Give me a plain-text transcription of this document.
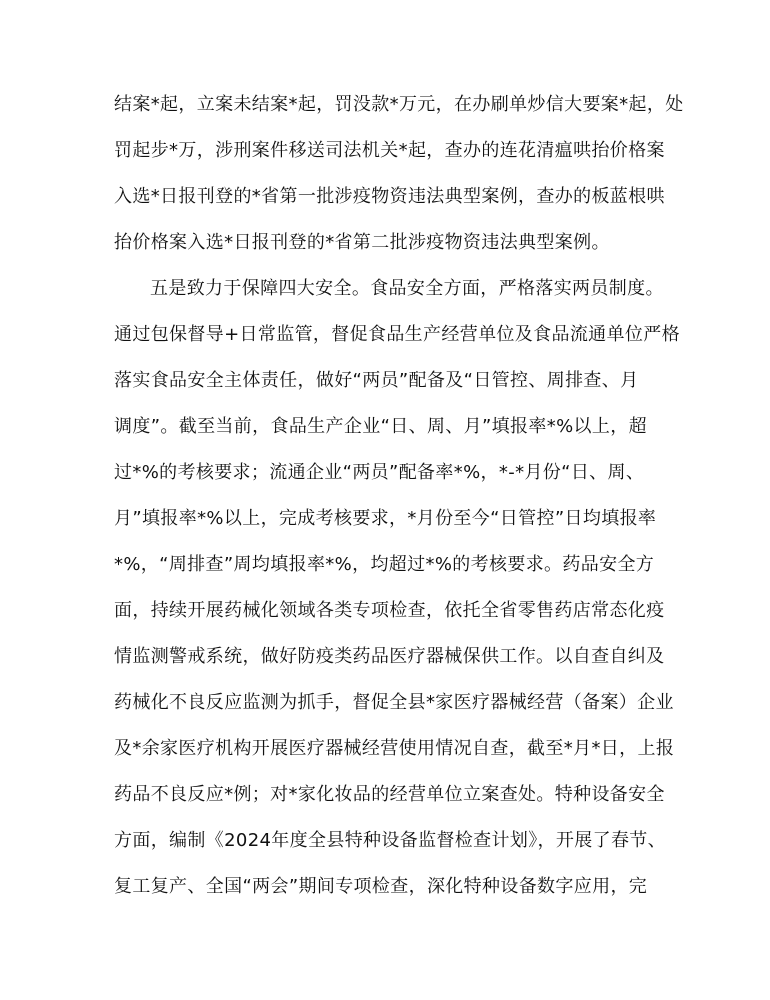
结案*起，立案未结案*起，罚没款*万元，在办刷单炒信大要案*起，处
罚起步*万，涉刑案件移送司法机关*起，查办的连花清瘟哄抬价格案
入选*日报刊登的*省第一批涉疫物资违法典型案例，查办的板蓝根哄
抬价格案入选*日报刊登的*省第二批涉疫物资违法典型案例。
五是致力于保障四大安全。食品安全方面，严格落实两员制度。
通过包保督导+日常监管，督促食品生产经营单位及食品流通单位严格
落实食品安全主体责任，做好“两员”配备及“日管控、周排查、月
调度”。截至当前，食品生产企业“日、周、月”填报率*%以上，超
过*%的考核要求；流通企业“两员”配备率*%，*-*月份“日、周、
月”填报率*%以上，完成考核要求，*月份至今“日管控”日均填报率
*%，“周排查”周均填报率*%，均超过*%的考核要求。药品安全方
面，持续开展药械化领域各类专项检查，依托全省零售药店常态化疫
情监测警戒系统，做好防疫类药品医疗器械保供工作。以自查自纠及
药械化不良反应监测为抓手，督促全县*家医疗器械经营（备案）企业
及*余家医疗机构开展医疗器械经营使用情况自查，截至*月*日，上报
药品不良反应*例；对*家化妆品的经营单位立案查处。特种设备安全
方面，编制《2024年度全县特种设备监督检查计划》，开展了春节、
复工复产、全国“两会”期间专项检查，深化特种设备数字应用，完
